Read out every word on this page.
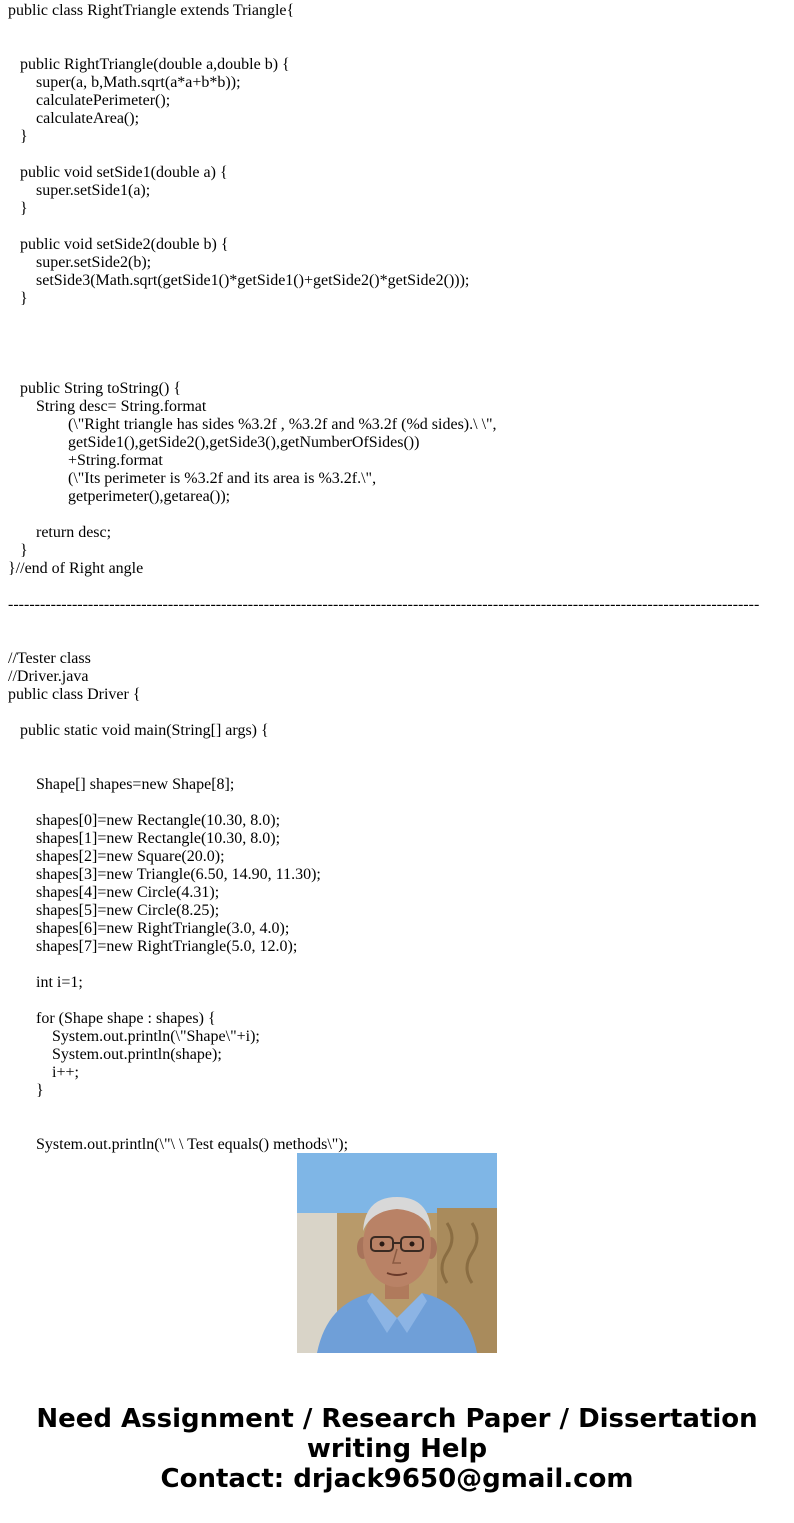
public class RightTriangle extends Triangle{
public RightTriangle(double a,double b) {
super(a, b,Math.sqrt(a*a+b*b));
calculatePerimeter();
calculateArea();
}
public void setSide1(double a) {
super.setSide1(a);
}
public void setSide2(double b) {
super.setSide2(b);
setSide3(Math.sqrt(getSide1()*getSide1()+getSide2()*getSide2()));
}
public String toString() {
String desc= String.format
(\"Right triangle has sides %3.2f , %3.2f and %3.2f (%d sides).\ \",
getSide1(),getSide2(),getSide3(),getNumberOfSides())
+String.format
(\"Its perimeter is %3.2f and its area is %3.2f.\",
getperimeter(),getarea());
return desc;
}
}//end of Right angle
---------------------------------------------------------------------------------------------------------------------------------------------
//Tester class
//Driver.java
public class Driver {
public static void main(String[] args) {
Shape[] shapes=new Shape[8];
shapes[0]=new Rectangle(10.30, 8.0);
shapes[1]=new Rectangle(10.30, 8.0);
shapes[2]=new Square(20.0);
shapes[3]=new Triangle(6.50, 14.90, 11.30);
shapes[4]=new Circle(4.31);
shapes[5]=new Circle(8.25);
shapes[6]=new RightTriangle(3.0, 4.0);
shapes[7]=new RightTriangle(5.0, 12.0);
int i=1;
for (Shape shape : shapes) {
System.out.println(\"Shape\"+i);
System.out.println(shape);
i++;
}
System.out.println(\"\ \ Test equals() methods\");
Need Assignment / Research Paper / Dissertation
writing Help
Contact: drjack9650@gmail.com
